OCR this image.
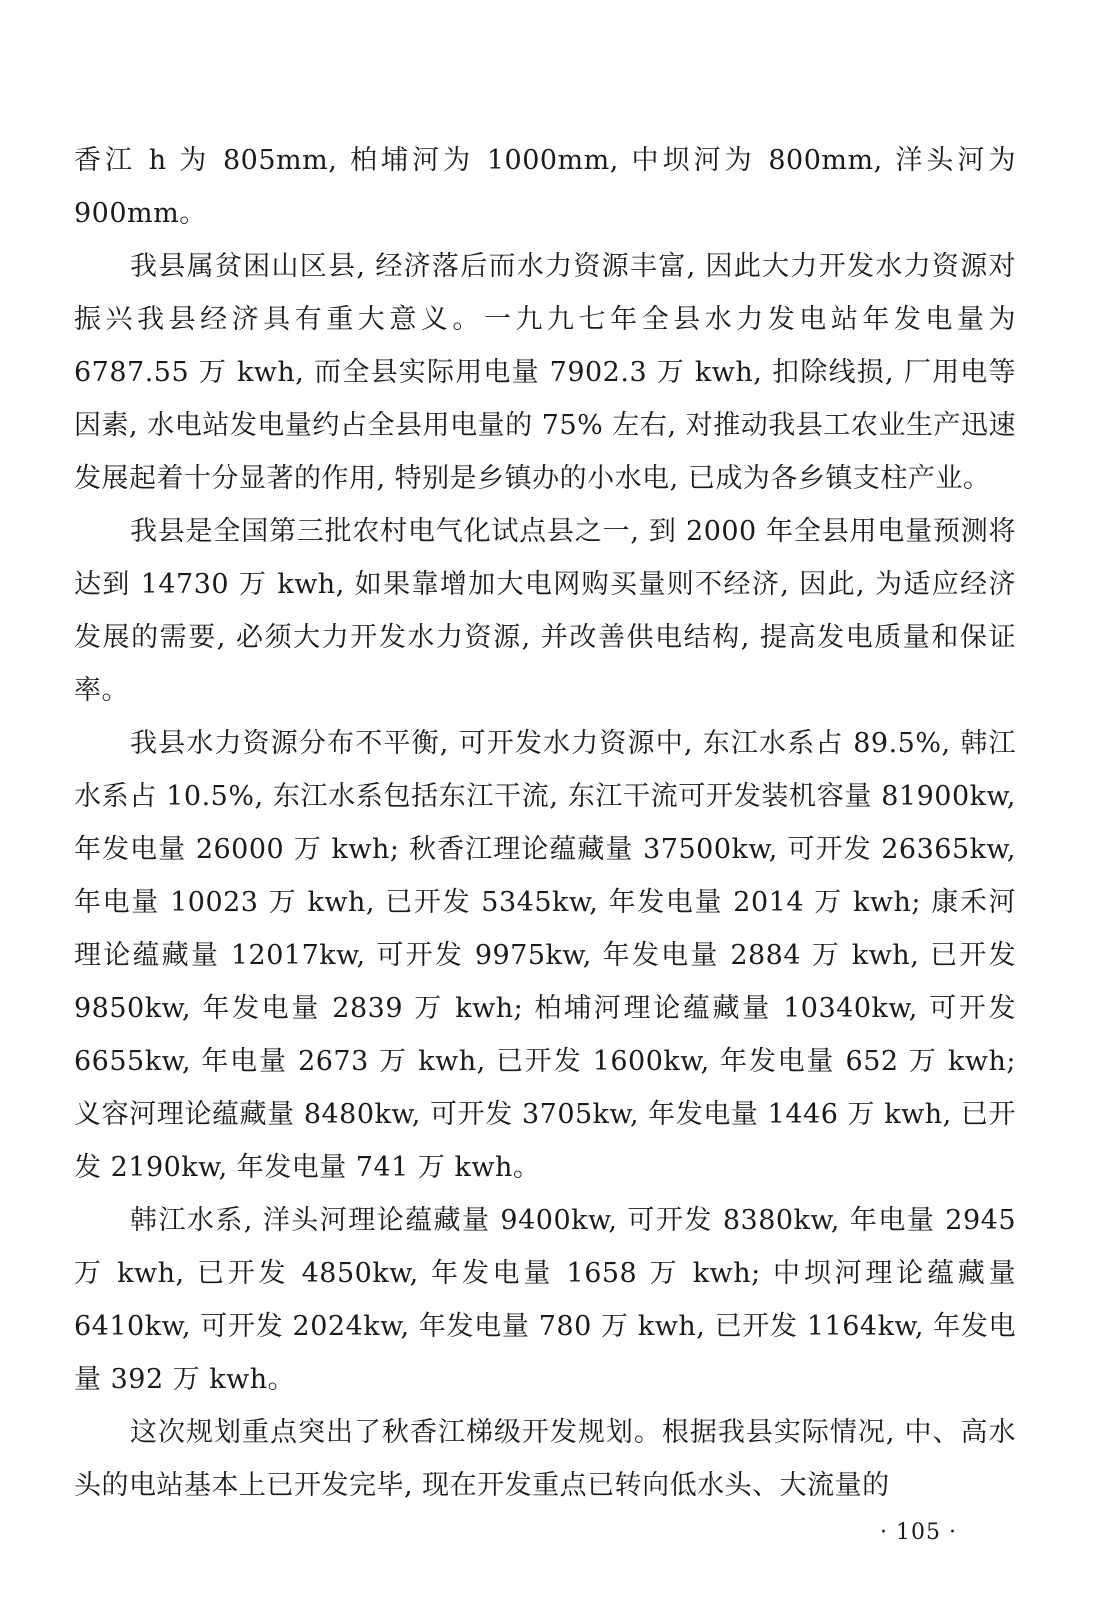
香江 h 为 805mm, 柏埔河为 1000mm, 中坝河为 800mm, 洋头河为 900mm。

我县属贫困山区县, 经济落后而水力资源丰富, 因此大力开发水力资源对振兴我县经济具有重大意义。一九九七年全县水力发电站年发电量为 6787.55 万 kwh, 而全县实际用电量 7902.3 万 kwh, 扣除线损, 厂用电等因素, 水电站发电量约占全县用电量的 75% 左右, 对推动我县工农业生产迅速发展起着十分显著的作用, 特别是乡镇办的小水电, 已成为各乡镇支柱产业。

我县是全国第三批农村电气化试点县之一, 到 2000 年全县用电量预测将达到 14730 万 kwh, 如果靠增加大电网购买量则不经济, 因此, 为适应经济发展的需要, 必须大力开发水力资源, 并改善供电结构, 提高发电质量和保证率。

我县水力资源分布不平衡, 可开发水力资源中, 东江水系占 89.5%, 韩江水系占 10.5%, 东江水系包括东江干流, 东江干流可开发装机容量 81900kw, 年发电量 26000 万 kwh; 秋香江理论蕴藏量 37500kw, 可开发 26365kw, 年电量 10023 万 kwh, 已开发 5345kw, 年发电量 2014 万 kwh; 康禾河理论蕴藏量 12017kw, 可开发 9975kw, 年发电量 2884 万 kwh, 已开发 9850kw, 年发电量 2839 万 kwh; 柏埔河理论蕴藏量 10340kw, 可开发 6655kw, 年电量 2673 万 kwh, 已开发 1600kw, 年发电量 652 万 kwh; 义容河理论蕴藏量 8480kw, 可开发 3705kw, 年发电量 1446 万 kwh, 已开发 2190kw, 年发电量 741 万 kwh。

韩江水系, 洋头河理论蕴藏量 9400kw, 可开发 8380kw, 年电量 2945 万 kwh, 已开发 4850kw, 年发电量 1658 万 kwh; 中坝河理论蕴藏量 6410kw, 可开发 2024kw, 年发电量 780 万 kwh, 已开发 1164kw, 年发电量 392 万 kwh。

这次规划重点突出了秋香江梯级开发规划。根据我县实际情况, 中、高水头的电站基本上已开发完毕, 现在开发重点已转向低水头、大流量的

· 105 ·
